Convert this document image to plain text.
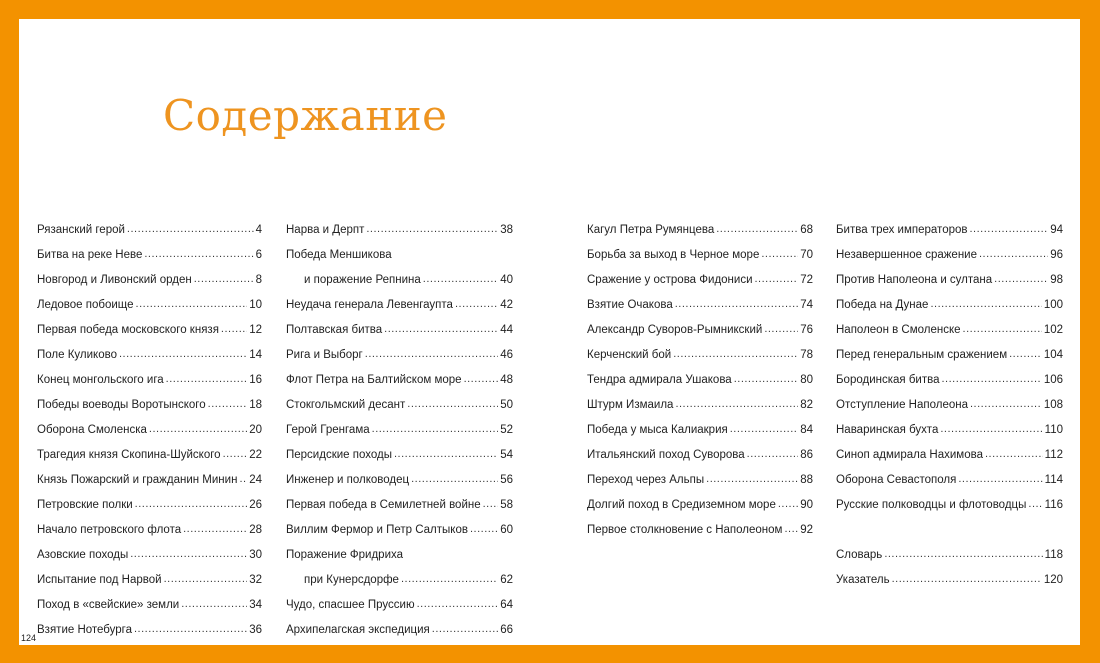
Содержание
Рязанский герой .....	4
Битва на реке Неве .....	6
Новгород и Ливонский орден .....	8
Ледовое побоище .....	10
Первая победа московского князя .....	12
Поле Куликово .....	14
Конец монгольского ига .....	16
Победы воеводы Воротынского .....	18
Оборона Смоленска .....	20
Трагедия князя Скопина-Шуйского ..... 22
Князь Пожарский и гражданин Минин ..... 24
Петровские полки .....	26
Начало петровского флота .....	28
Азовские походы .....	30
Испытание под Нарвой .....	32
Поход в «свейские» земли .....	34
Взятие Нотебурга .....	36
Нарва и Дерпт .....	38
Победа Меншикова
и поражение Репнина .....	40
Неудача генерала Левенгаупта .....	42
Полтавская битва .....	44
Рига и Выборг .....	46
Флот Петра на Балтийском море .....	48
Стокгольмский десант .....	50
Герой Гренгама .....	52
Персидские походы .....	54
Инженер и полководец .....	56
Первая победа в Семилетней войне ..... 58
Виллим Фермор и Петр Салтыков .....	60
Поражение Фридриха
при Кунерсдорфе .....	62
Чудо, спасшее Пруссию .....	64
Архипелагская экспедиция .....	66
Кагул Петра Румянцева .....	68
Борьба за выход в Черное море .....	70
Сражение у острова Фидониси .....	72
Взятие Очакова .....	74
Александр Суворов-Рымникский .....	76
Керченский бой .....	78
Тендра адмирала Ушакова .....	80
Штурм Измаила .....	82
Победа у мыса Калиакрия .....	84
Итальянский поход Суворова .....	86
Переход через Альпы .....	88
Долгий поход в Средиземном море ..... 90
Первое столкновение с Наполеоном ..... 92
Битва трех императоров .....	94
Незавершенное сражение .....	96
Против Наполеона и султана .....	98
Победа на Дунае .....	100
Наполеон в Смоленске .....	102
Перед генеральным сражением .....	104
Бородинская битва .....	106
Отступление Наполеона .....	108
Наваринская бухта .....	110
Синоп адмирала Нахимова .....	112
Оборона Севастополя .....	114
Русские полководцы и флотоводцы ..... 116
Словарь .....	118
Указатель .....	120
124
